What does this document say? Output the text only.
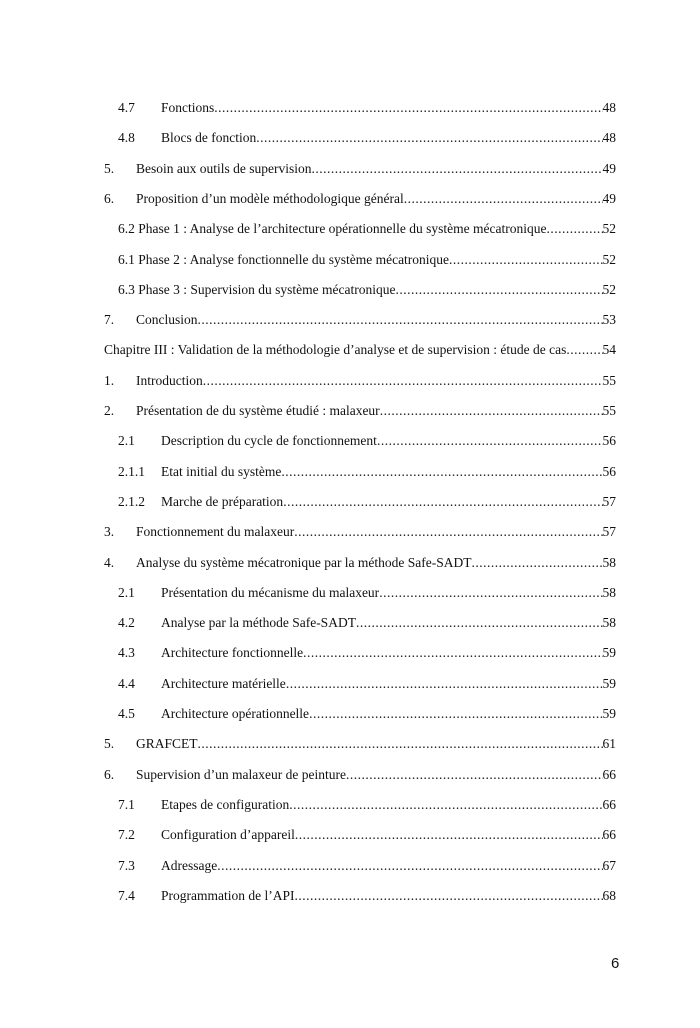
4.7	Fonctions .....	48
4.8	Blocs de fonction .....	48
5.	Besoin aux outils de supervision .....	49
6.	Proposition d’un modèle méthodologique général .....	49
6.2 Phase 1 : Analyse de l’architecture opérationnelle du système mécatronique .....	52
6.1 Phase 2 : Analyse fonctionnelle du système mécatronique .....	52
6.3 Phase 3 : Supervision du système mécatronique .....	52
7.	Conclusion .....	53
Chapitre III : Validation de la méthodologie d’analyse et de supervision : étude de cas .....	54
1.	Introduction .....	55
2.	Présentation de du système étudié : malaxeur .....	55
2.1	Description du cycle de fonctionnement .....	56
2.1.1	Etat initial du système .....	56
2.1.2	Marche de préparation .....	57
3.	Fonctionnement du malaxeur .....	57
4.	Analyse du système mécatronique par la méthode Safe-SADT .....	58
2.1	Présentation du mécanisme du malaxeur .....	58
4.2	Analyse par la méthode Safe-SADT .....	58
4.3	Architecture fonctionnelle .....	59
4.4	Architecture matérielle .....	59
4.5	Architecture opérationnelle .....	59
5.	GRAFCET .....	61
6.	Supervision d’un malaxeur de peinture .....	66
7.1	Etapes de configuration .....	66
7.2	Configuration d’appareil .....	66
7.3	Adressage .....	67
7.4	Programmation de l’API .....	68
6
